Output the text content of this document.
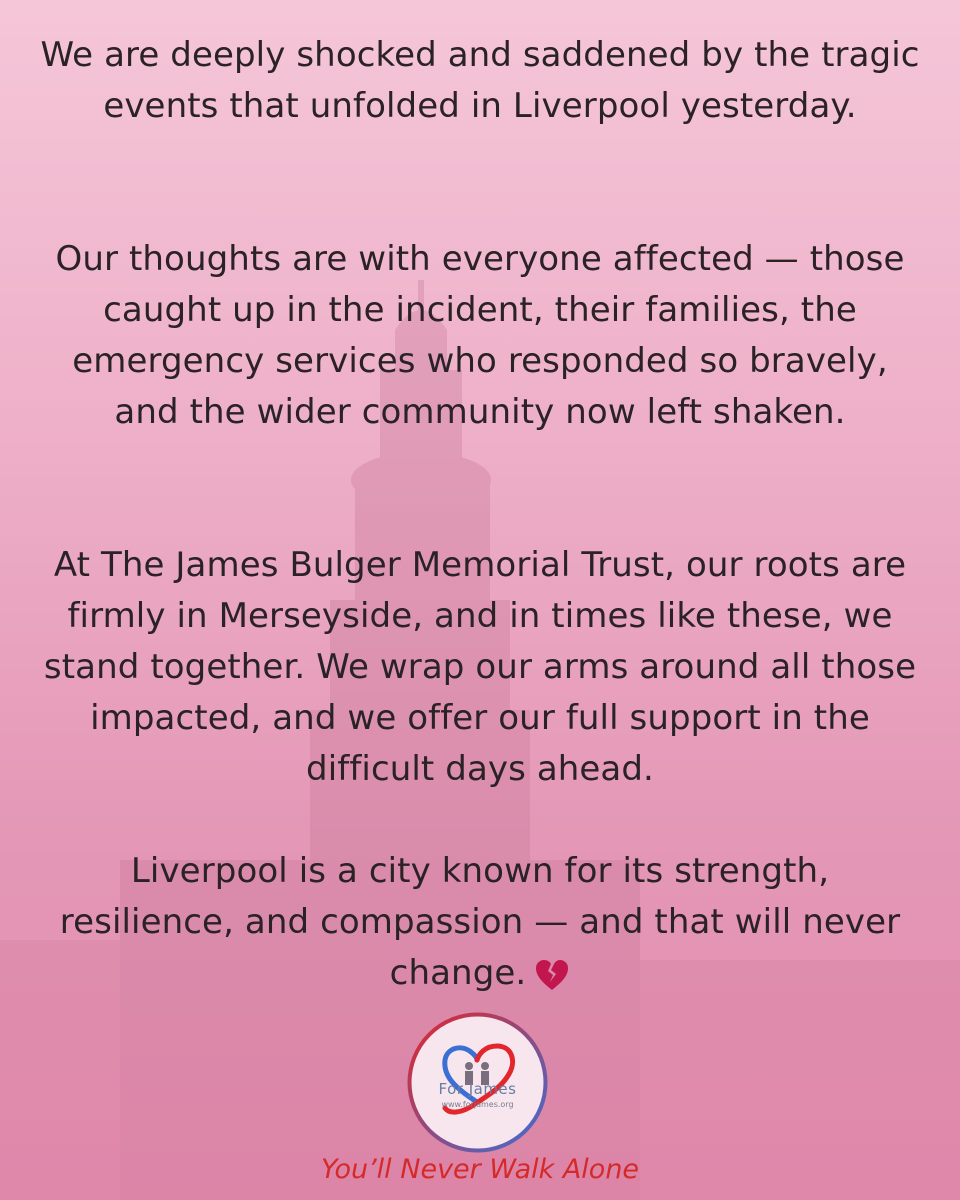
We are deeply shocked and saddened by the tragic events that unfolded in Liverpool yesterday.
Our thoughts are with everyone affected — those caught up in the incident, their families, the emergency services who responded so bravely, and the wider community now left shaken.
At The James Bulger Memorial Trust, our roots are firmly in Merseyside, and in times like these, we stand together. We wrap our arms around all those impacted, and we offer our full support in the difficult days ahead.
Liverpool is a city known for its strength, resilience, and compassion — and that will never change.
For James
www.forjames.org
You’ll Never Walk Alone
